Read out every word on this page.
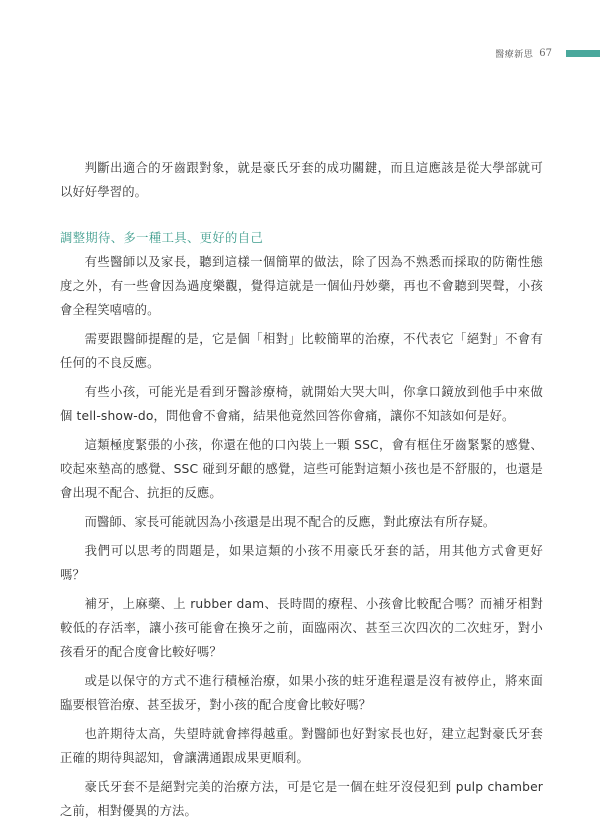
醫療新思 67

判斷出適合的牙齒跟對象，就是豪氏牙套的成功關鍵，而且這應該是從大學部就可以好好學習的。

調整期待、多一種工具、更好的自己

有些醫師以及家長，聽到這樣一個簡單的做法，除了因為不熟悉而採取的防衛性態度之外，有一些會因為過度樂觀，覺得這就是一個仙丹妙藥，再也不會聽到哭聲，小孩會全程笑嘻嘻的。

需要跟醫師提醒的是，它是個「相對」比較簡單的治療，不代表它「絕對」不會有任何的不良反應。

有些小孩，可能光是看到牙醫診療椅，就開始大哭大叫，你拿口鏡放到他手中來做個 tell-show-do，問他會不會痛，結果他竟然回答你會痛，讓你不知該如何是好。

這類極度緊張的小孩，你還在他的口內裝上一顆 SSC，會有框住牙齒緊緊的感覺、咬起來墊高的感覺、SSC 碰到牙齦的感覺，這些可能對這類小孩也是不舒服的，也還是會出現不配合、抗拒的反應。

而醫師、家長可能就因為小孩還是出現不配合的反應，對此療法有所存疑。

我們可以思考的問題是，如果這類的小孩不用豪氏牙套的話，用其他方式會更好嗎？

補牙，上麻藥、上 rubber dam、長時間的療程、小孩會比較配合嗎？而補牙相對較低的存活率，讓小孩可能會在換牙之前，面臨兩次、甚至三次四次的二次蛀牙，對小孩看牙的配合度會比較好嗎？

或是以保守的方式不進行積極治療，如果小孩的蛀牙進程還是沒有被停止，將來面臨要根管治療、甚至拔牙，對小孩的配合度會比較好嗎？

也許期待太高，失望時就會摔得越重。對醫師也好對家長也好，建立起對豪氏牙套正確的期待與認知，會讓溝通跟成果更順利。

豪氏牙套不是絕對完美的治療方法，可是它是一個在蛀牙沒侵犯到 pulp chamber 之前，相對優異的方法。
